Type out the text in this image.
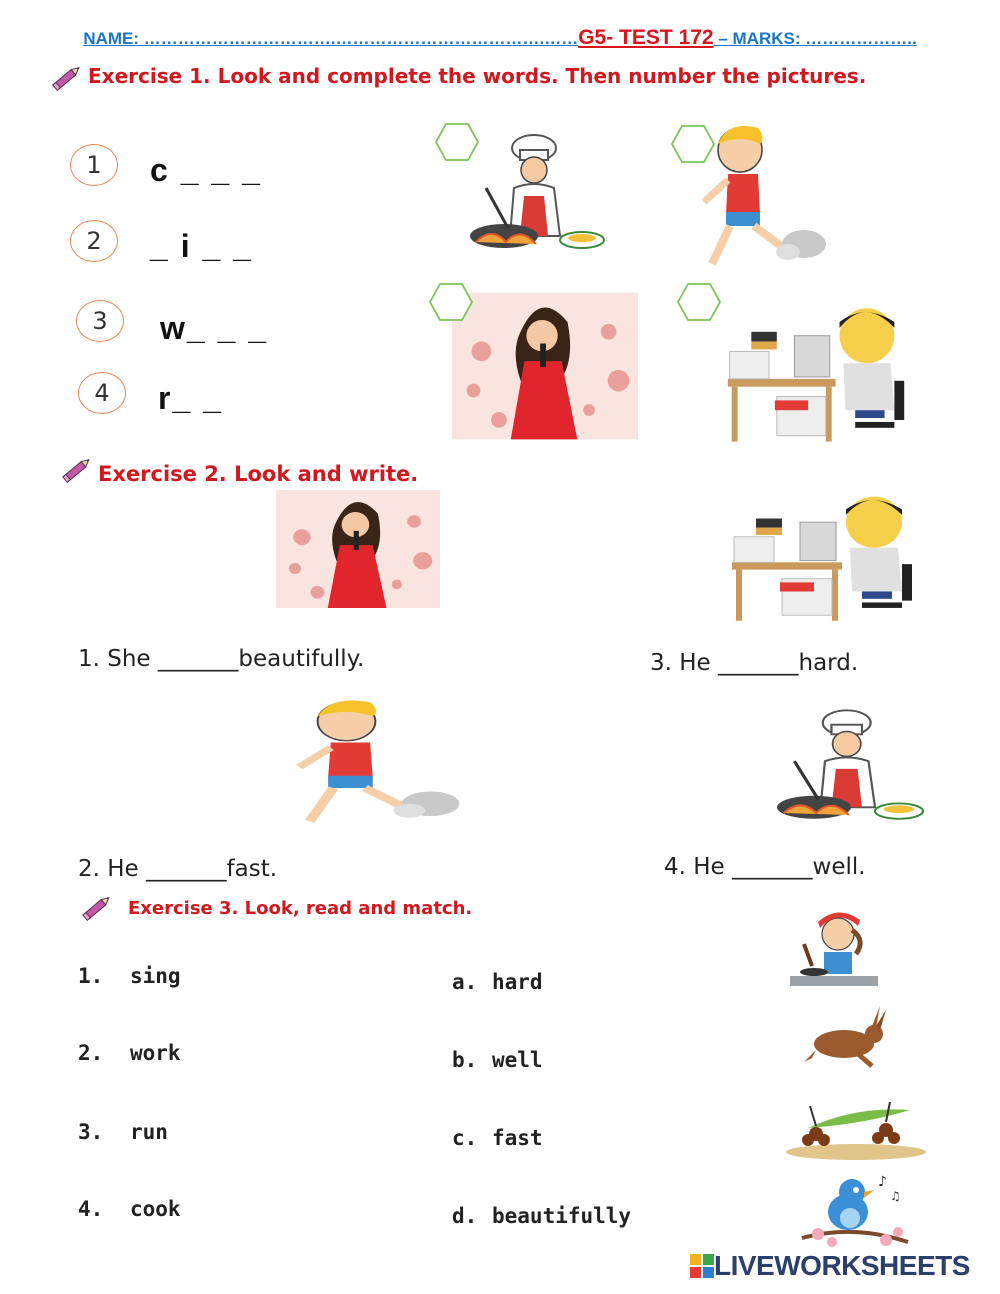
NAME: …………………………….……………………………….……G5- TEST 172 – MARKS: ………………..
Exercise 1. Look and complete the words. Then number the pictures.
1	c _ _ _
2	_ i _ _
3	w_ _ _
4	r_ _
Exercise 2. Look and write.
1. She _______beautifully.	3. He _______hard.
2. He _______fast.	4. He _______well.
Exercise 3. Look, read and match.
1. sing
2. work
3. run
4. cook
a. hard
b. well
c. fast
d. beautifully
♪
♫
LIVEWORKSHEETS
